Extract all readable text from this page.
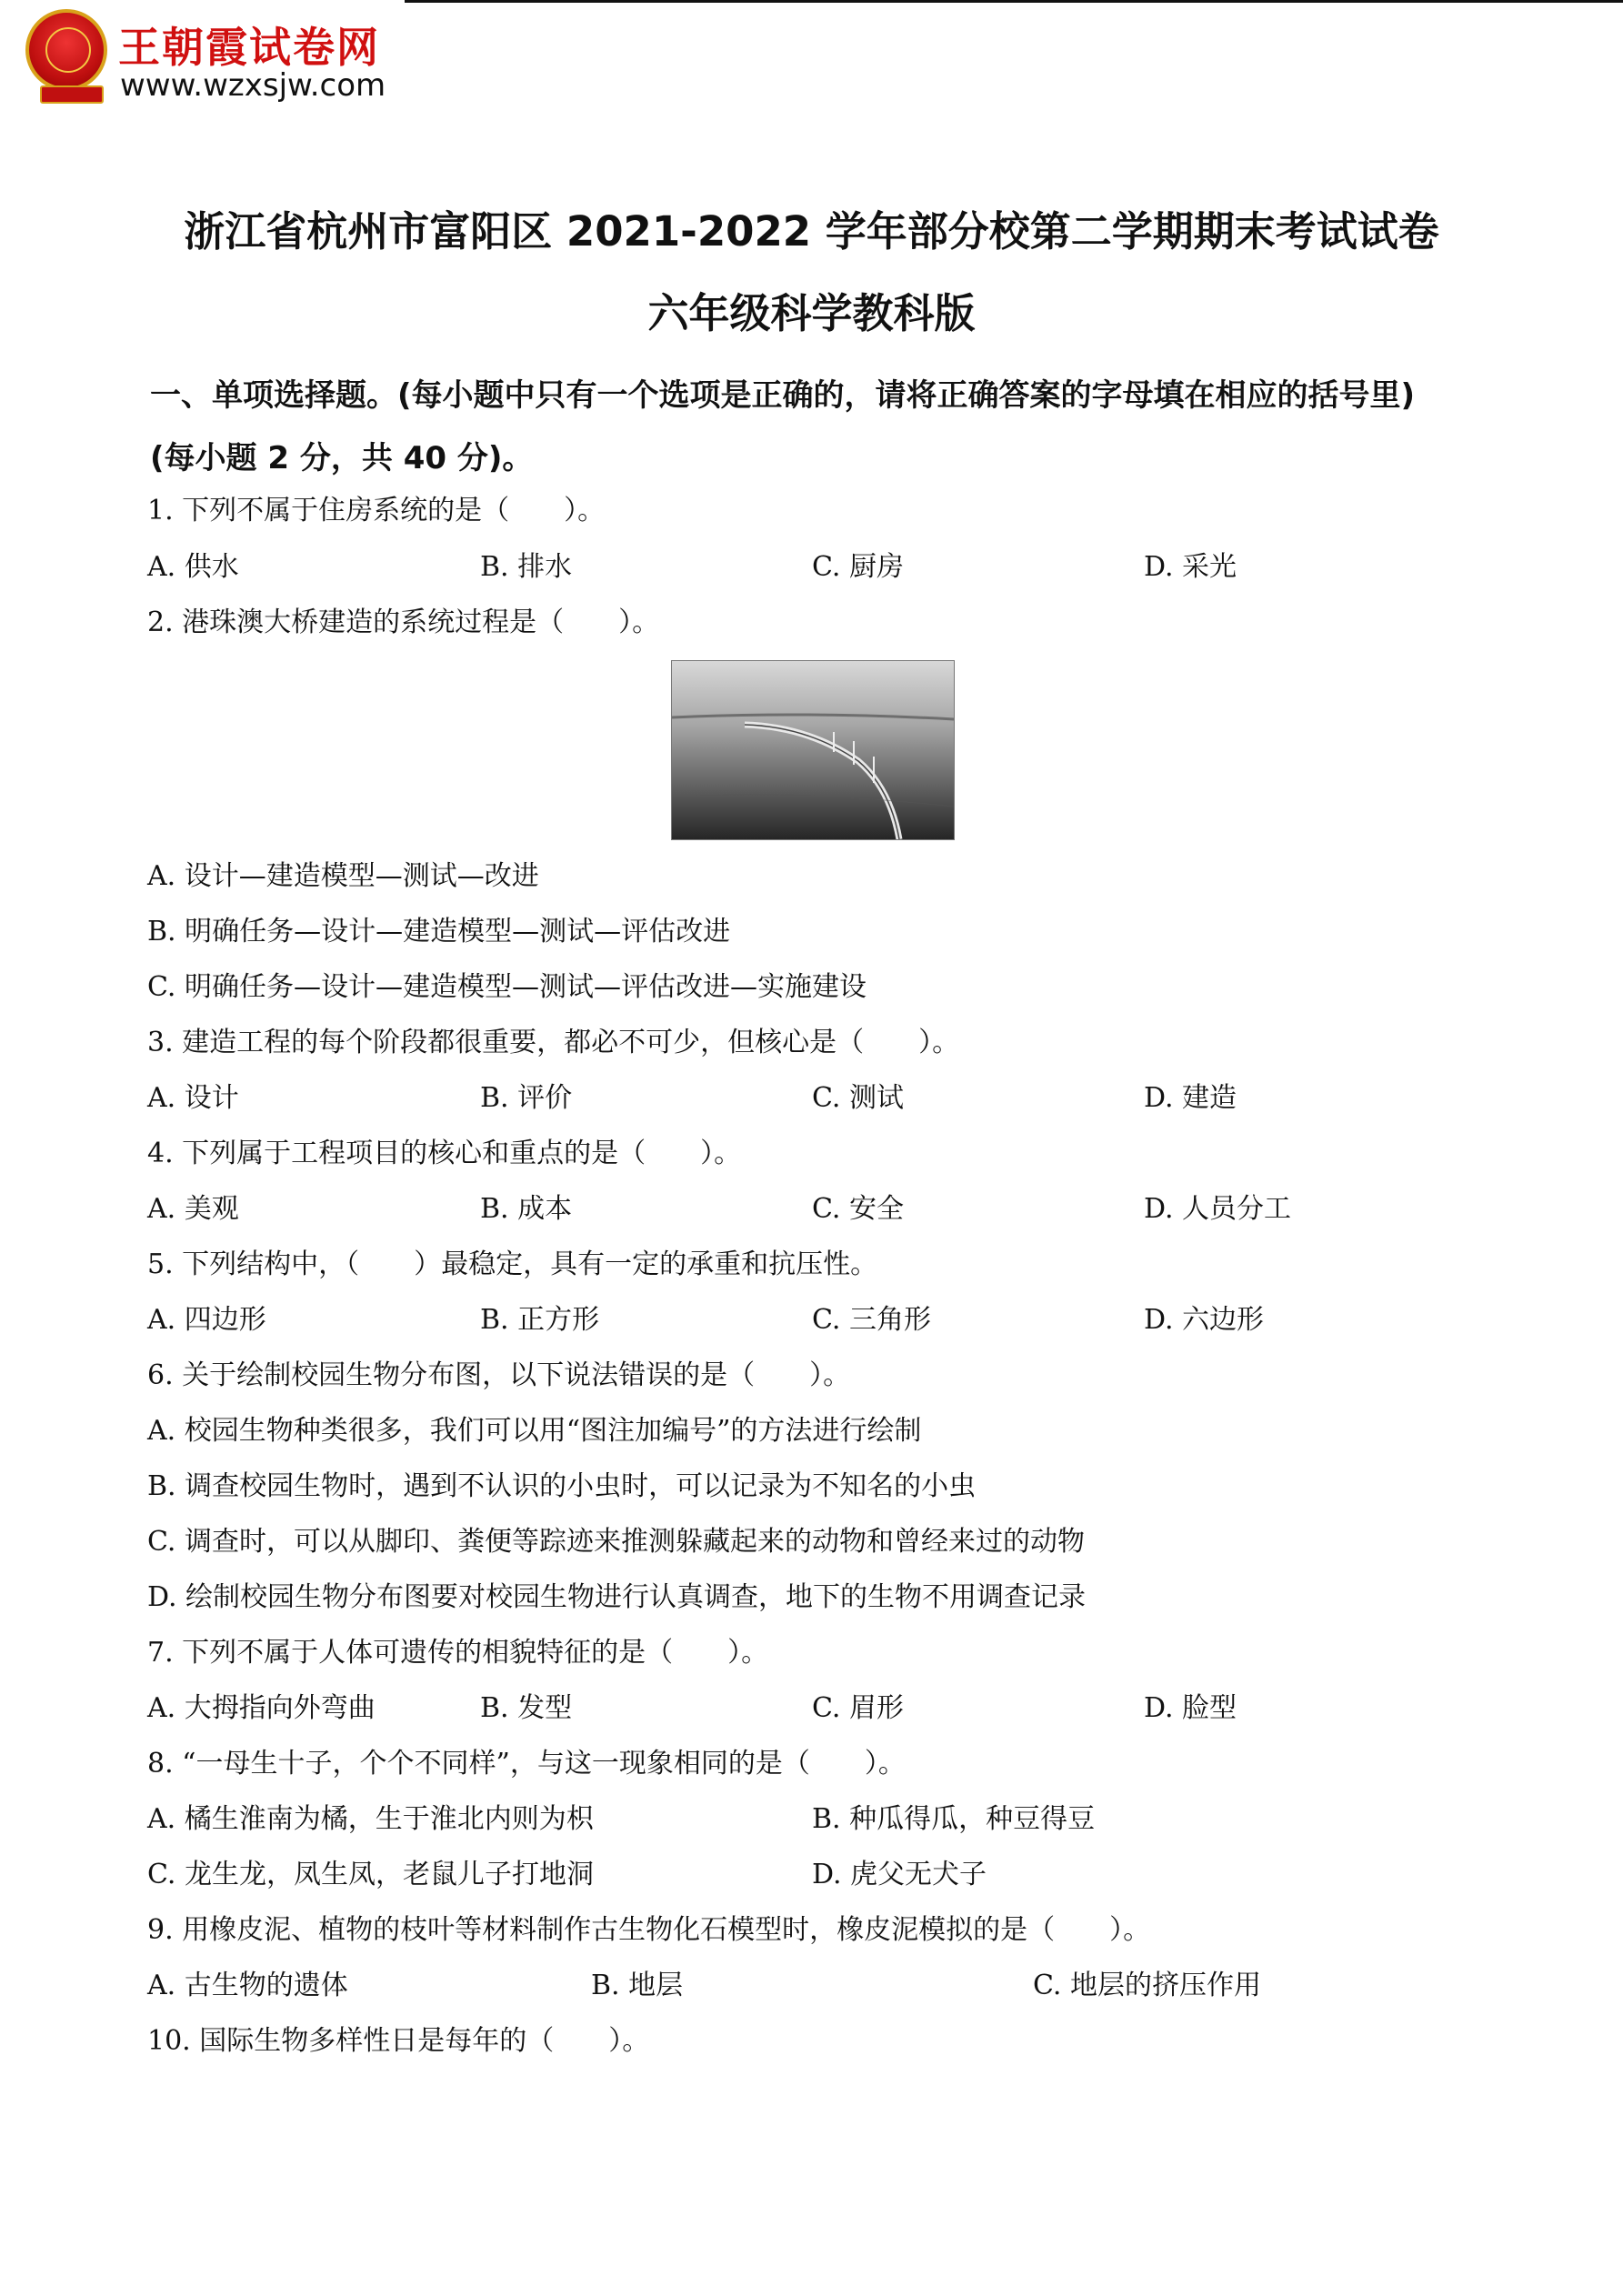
王朝霞试卷网
www.wzxsjw.com
浙江省杭州市富阳区 2021-2022 学年部分校第二学期期末考试试卷
六年级科学教科版
一、单项选择题。(每小题中只有一个选项是正确的，请将正确答案的字母填在相应的括号里)
(每小题 2 分，共 40 分)。
1. 下列不属于住房系统的是（　　）。
A. 供水	B. 排水	C. 厨房	D. 采光
2. 港珠澳大桥建造的系统过程是（　　）。
A. 设计—建造模型—测试—改进
B. 明确任务—设计—建造模型—测试—评估改进
C. 明确任务—设计—建造模型—测试—评估改进—实施建设
3. 建造工程的每个阶段都很重要，都必不可少，但核心是（　　）。
A. 设计	B. 评价	C. 测试	D. 建造
4. 下列属于工程项目的核心和重点的是（　　）。
A. 美观	B. 成本	C. 安全	D. 人员分工
5. 下列结构中，（　　）最稳定，具有一定的承重和抗压性。
A. 四边形	B. 正方形	C. 三角形	D. 六边形
6. 关于绘制校园生物分布图，以下说法错误的是（　　）。
A. 校园生物种类很多，我们可以用“图注加编号”的方法进行绘制
B. 调查校园生物时，遇到不认识的小虫时，可以记录为不知名的小虫
C. 调查时，可以从脚印、粪便等踪迹来推测躲藏起来的动物和曾经来过的动物
D. 绘制校园生物分布图要对校园生物进行认真调查，地下的生物不用调查记录
7. 下列不属于人体可遗传的相貌特征的是（　　）。
A. 大拇指向外弯曲	B. 发型	C. 眉形	D. 脸型
8. “一母生十子，个个不同样”，与这一现象相同的是（　　）。
A. 橘生淮南为橘，生于淮北内则为枳	B. 种瓜得瓜，种豆得豆
C. 龙生龙，凤生凤，老鼠儿子打地洞	D. 虎父无犬子
9. 用橡皮泥、植物的枝叶等材料制作古生物化石模型时，橡皮泥模拟的是（　　）。
A. 古生物的遗体	B. 地层	C. 地层的挤压作用
10. 国际生物多样性日是每年的（　　）。
